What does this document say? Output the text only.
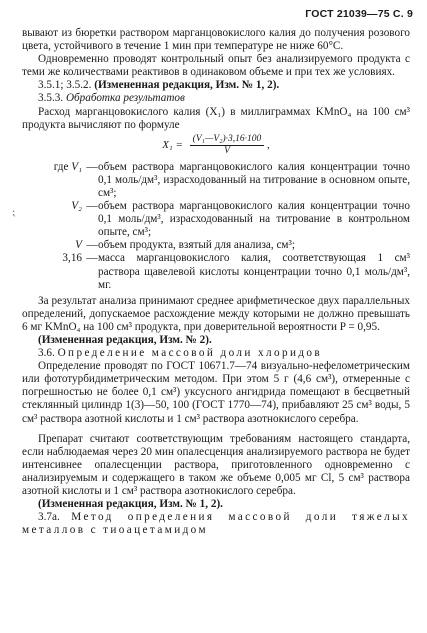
ГОСТ 21039—75 С. 9
⁏

вывают из бюретки раствором марганцовокислого калия до получения розового цвета, устойчивого в течение 1 мин при температуре не ниже 60°С.

Одновременно проводят контрольный опыт без анализируемого продукта с теми же количествами реактивов в одинаковом объеме и при тех же условиях.

3.5.1; 3.5.2. (Измененная редакция, Изм. № 1, 2).

3.5.3. Обработка результатов

Расход марганцовокислого калия (X₁) в миллиграммах KMnO₄ на 100 см³ продукта вычисляют по формуле

$X_1 = \frac{\text{(V₁—V₂)·3,16·100}}{V}$ ,
где V₁ — объем раствора марганцовокислого калия концентрации точно 0,1 моль/дм³, израсходованный на титрование в основном опыте, см³;
V₂ — объем раствора марганцовокислого калия концентрации точно 0,1 моль/дм³, израсходованный на титрование в контрольном опыте, см³;
V — объем продукта, взятый для анализа, см³;
3,16 — масса марганцовокислого калия, соответствующая 1 см³ раствора щавелевой кислоты концентрации точно 0,1 моль/дм³, мг.

За результат анализа принимают среднее арифметическое двух параллельных определений, допускаемое расхождение между которыми не должно превышать 6 мг KMnO₄ на 100 см³ продукта, при доверительной вероятности P = 0,95.

(Измененная редакция, Изм. № 2).

3.6. Определение массовой доли хлоридов

Определение проводят по ГОСТ 10671.7—74 визуально-нефелометрическим или фототурбидиметрическим методом. При этом 5 г (4,6 см³), отмеренные с погрешностью не более 0,1 см³) уксусного ангидрида помещают в бесцветный стеклянный цилиндр 1(3)—50, 100 (ГОСТ 1770—74), прибавляют 25 см³ воды, 5 см³ раствора азотной кислоты и 1 см³ раствора азотнокислого серебра.

Препарат считают соответствующим требованиям настоящего стандарта, если наблюдаемая через 20 мин опалесценция анализируемого раствора не будет интенсивнее опалесценции раствора, приготовленного одновременно с анализируемым и содержащего в таком же объеме 0,005 мг Cl, 5 см³ раствора азотной кислоты и 1 см³ раствора азотнокислого серебра.

(Измененная редакция, Изм. № 1, 2).

3.7а. Метод определения массовой доли тяжелых металлов с тиоацетамидом
